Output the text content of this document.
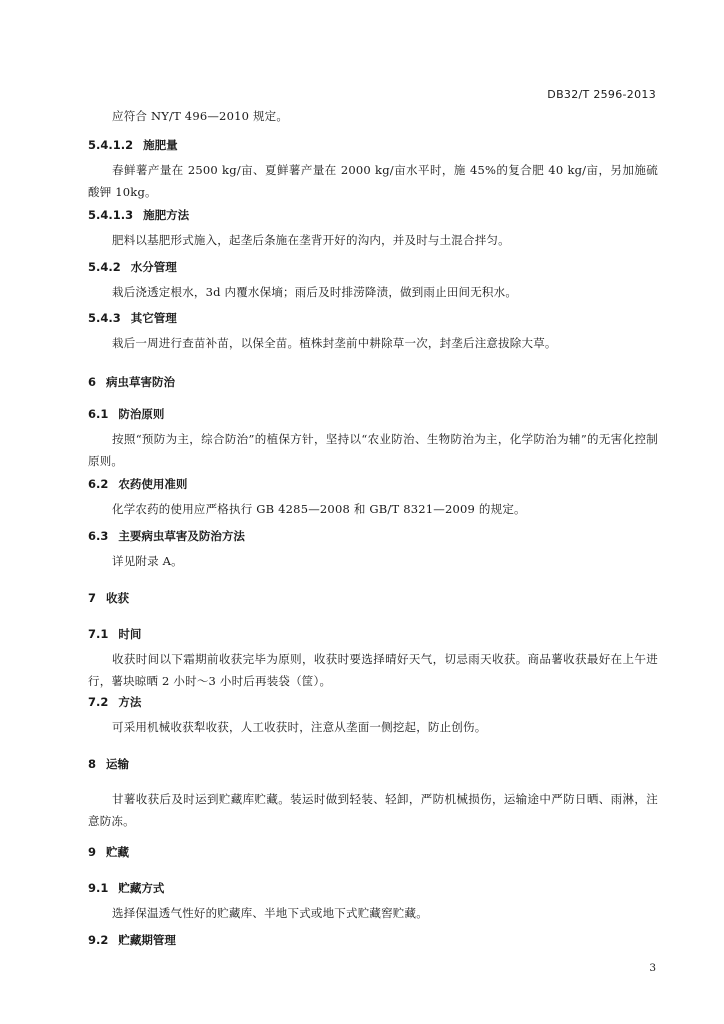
DB32/T 2596-2013
应符合 NY/T 496—2010 规定。
5.4.1.2 施肥量
春鲜薯产量在 2500 kg/亩、夏鲜薯产量在 2000 kg/亩水平时，施 45%的复合肥 40 kg/亩，另加施硫酸钾 10kg。
5.4.1.3 施肥方法
肥料以基肥形式施入，起垄后条施在垄背开好的沟内，并及时与土混合拌匀。
5.4.2 水分管理
栽后浇透定根水，3d 内覆水保墒；雨后及时排涝降渍，做到雨止田间无积水。
5.4.3 其它管理
栽后一周进行查苗补苗，以保全苗。植株封垄前中耕除草一次，封垄后注意拔除大草。
6 病虫草害防治
6.1 防治原则
按照“预防为主，综合防治”的植保方针，坚持以“农业防治、生物防治为主，化学防治为辅”的无害化控制原则。
6.2 农药使用准则
化学农药的使用应严格执行 GB 4285—2008 和 GB/T 8321—2009 的规定。
6.3 主要病虫草害及防治方法
详见附录 A。
7 收获
7.1 时间
收获时间以下霜期前收获完毕为原则，收获时要选择晴好天气，切忌雨天收获。商品薯收获最好在上午进行，薯块晾晒 2 小时～3 小时后再装袋（筐）。
7.2 方法
可采用机械收获犁收获，人工收获时，注意从垄面一侧挖起，防止创伤。
8 运输
甘薯收获后及时运到贮藏库贮藏。装运时做到轻装、轻卸，严防机械损伤，运输途中严防日晒、雨淋，注意防冻。
9 贮藏
9.1 贮藏方式
选择保温透气性好的贮藏库、半地下式或地下式贮藏窖贮藏。
9.2 贮藏期管理
3
